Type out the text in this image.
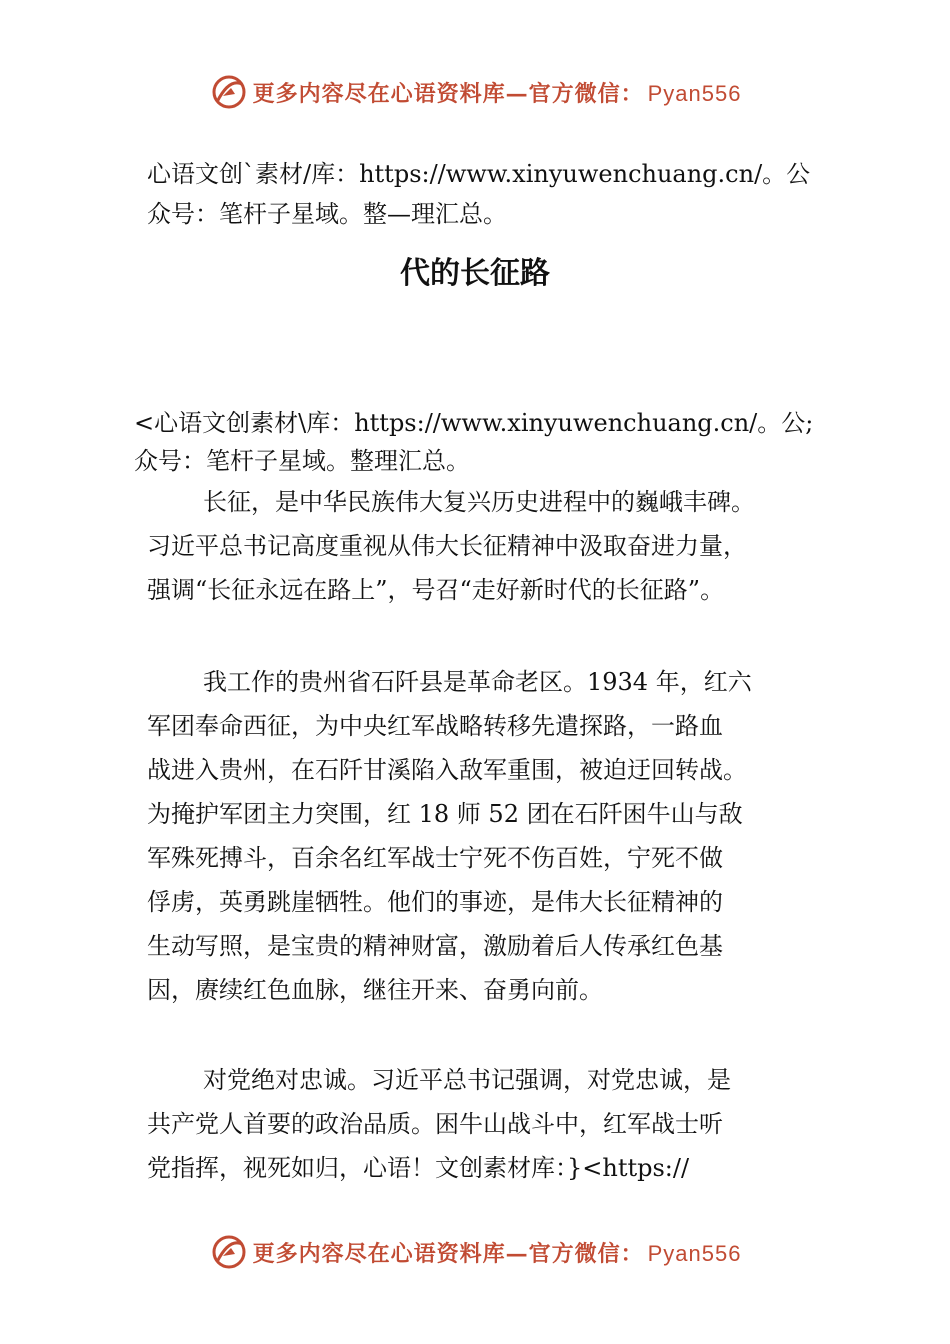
更多内容尽在心语资料库—官方微信： Pyan556
心语文创`素材/库：https://www.xinyuwenchuang.cn/。公
众号：笔杆子星域。整—理汇总。
代的长征路
<心语文创素材\库：https://www.xinyuwenchuang.cn/。公;
众号：笔杆子星域。整理汇总。
长征，是中华民族伟大复兴历史进程中的巍峨丰碑。
习近平总书记高度重视从伟大长征精神中汲取奋进力量，
强调“长征永远在路上”，号召“走好新时代的长征路”。
我工作的贵州省石阡县是革命老区。1934 年，红六
军团奉命西征，为中央红军战略转移先遣探路，一路血
战进入贵州，在石阡甘溪陷入敌军重围，被迫迂回转战。
为掩护军团主力突围，红 18 师 52 团在石阡困牛山与敌
军殊死搏斗，百余名红军战士宁死不伤百姓，宁死不做
俘虏，英勇跳崖牺牲。他们的事迹，是伟大长征精神的
生动写照，是宝贵的精神财富，激励着后人传承红色基
因，赓续红色血脉，继往开来、奋勇向前。
对党绝对忠诚。习近平总书记强调，对党忠诚，是
共产党人首要的政治品质。困牛山战斗中，红军战士听
党指挥，视死如归，心语！文创素材库：}<https://
更多内容尽在心语资料库—官方微信： Pyan556
